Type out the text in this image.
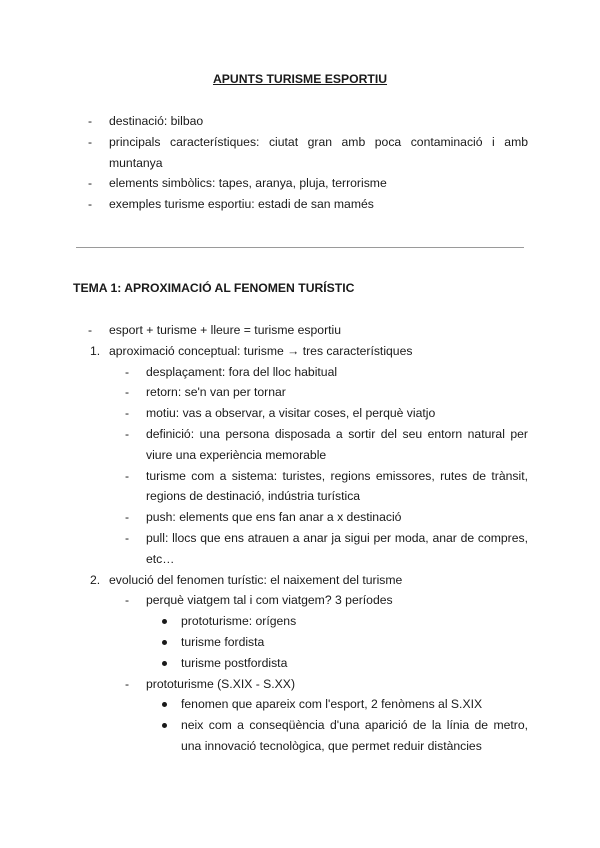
APUNTS TURISME ESPORTIU
- destinació: bilbao
- principals característiques: ciutat gran amb poca contaminació i amb muntanya
- elements simbòlics: tapes, aranya, pluja, terrorisme
- exemples turisme esportiu: estadi de san mamés
TEMA 1: APROXIMACIÓ AL FENOMEN TURÍSTIC
- esport + turisme + lleure = turisme esportiu
1. aproximació conceptual: turisme → tres característiques
- desplaçament: fora del lloc habitual
- retorn: se'n van per tornar
- motiu: vas a observar, a visitar coses, el perquè viatjo
- definició: una persona disposada a sortir del seu entorn natural per viure una experiència memorable
- turisme com a sistema: turistes, regions emissores, rutes de trànsit, regions de destinació, indústria turística
- push: elements que ens fan anar a x destinació
- pull: llocs que ens atrauen a anar ja sigui per moda, anar de compres, etc…
2. evolució del fenomen turístic: el naixement del turisme
- perquè viatgem tal i com viatgem? 3 períodes
prototurisme: orígens
turisme fordista
turisme postfordista
- prototurisme (S.XIX - S.XX)
fenomen que apareix com l'esport, 2 fenòmens al S.XIX
neix com a conseqüència d'una aparició de la línia de metro, una innovació tecnològica, que permet reduir distàncies
